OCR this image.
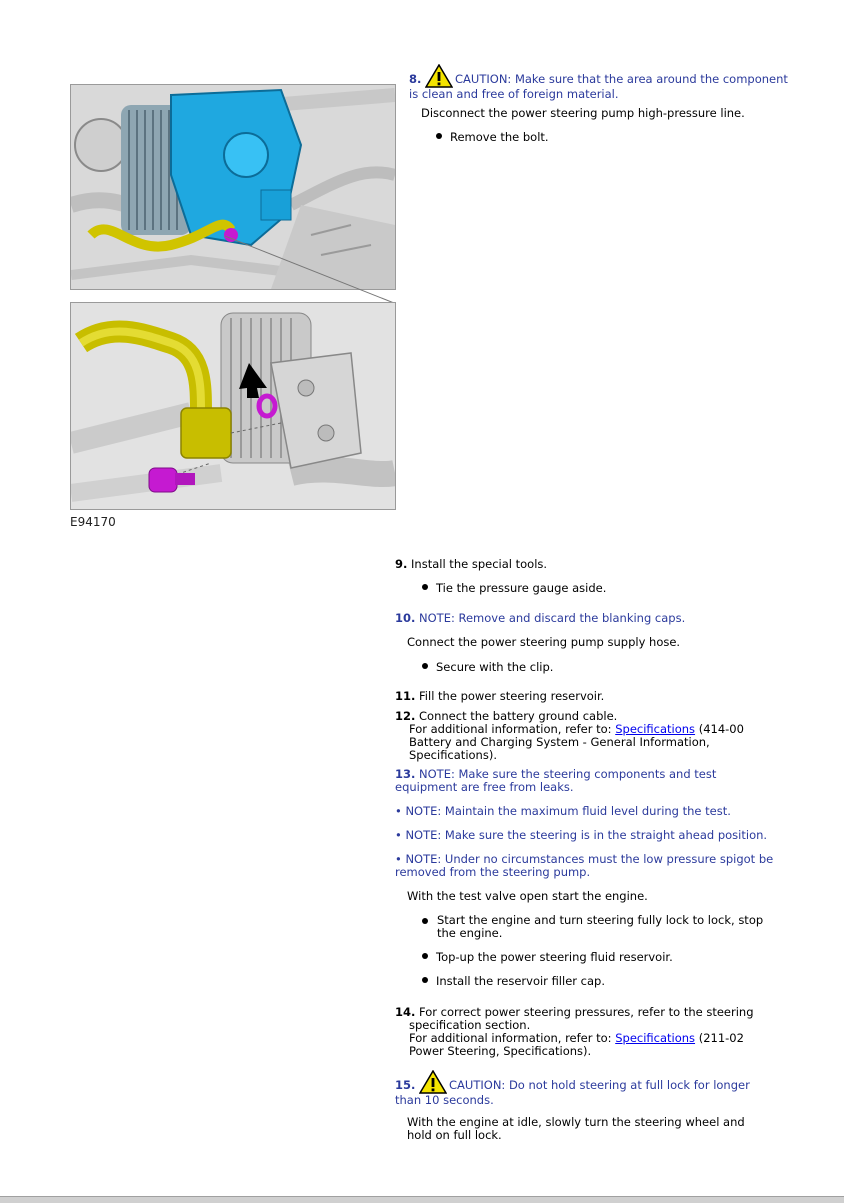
E94170
8.	CAUTION: Make sure that the area around the component is clean and free of foreign material.
Disconnect the power steering pump high-pressure line.
Remove the bolt.
9. Install the special tools.
Tie the pressure gauge aside.
10. NOTE: Remove and discard the blanking caps.
Connect the power steering pump supply hose.
Secure with the clip.
11. Fill the power steering reservoir.
12. Connect the battery ground cable.
For additional information, refer to: Specifications (414-00
Battery and Charging System - General Information,
Specifications).
13. NOTE: Make sure the steering components and test equipment are free from leaks.
• NOTE: Maintain the maximum fluid level during the test.
• NOTE: Make sure the steering is in the straight ahead position.
• NOTE: Under no circumstances must the low pressure spigot be removed from the steering pump.
With the test valve open start the engine.
Start the engine and turn steering fully lock to lock, stop the engine.
Top-up the power steering fluid reservoir.
Install the reservoir filler cap.
14. For correct power steering pressures, refer to the steering
specification section.
For additional information, refer to: Specifications (211-02
Power Steering, Specifications).
15.	CAUTION: Do not hold steering at full lock for longer than 10 seconds.
With the engine at idle, slowly turn the steering wheel and hold on full lock.
